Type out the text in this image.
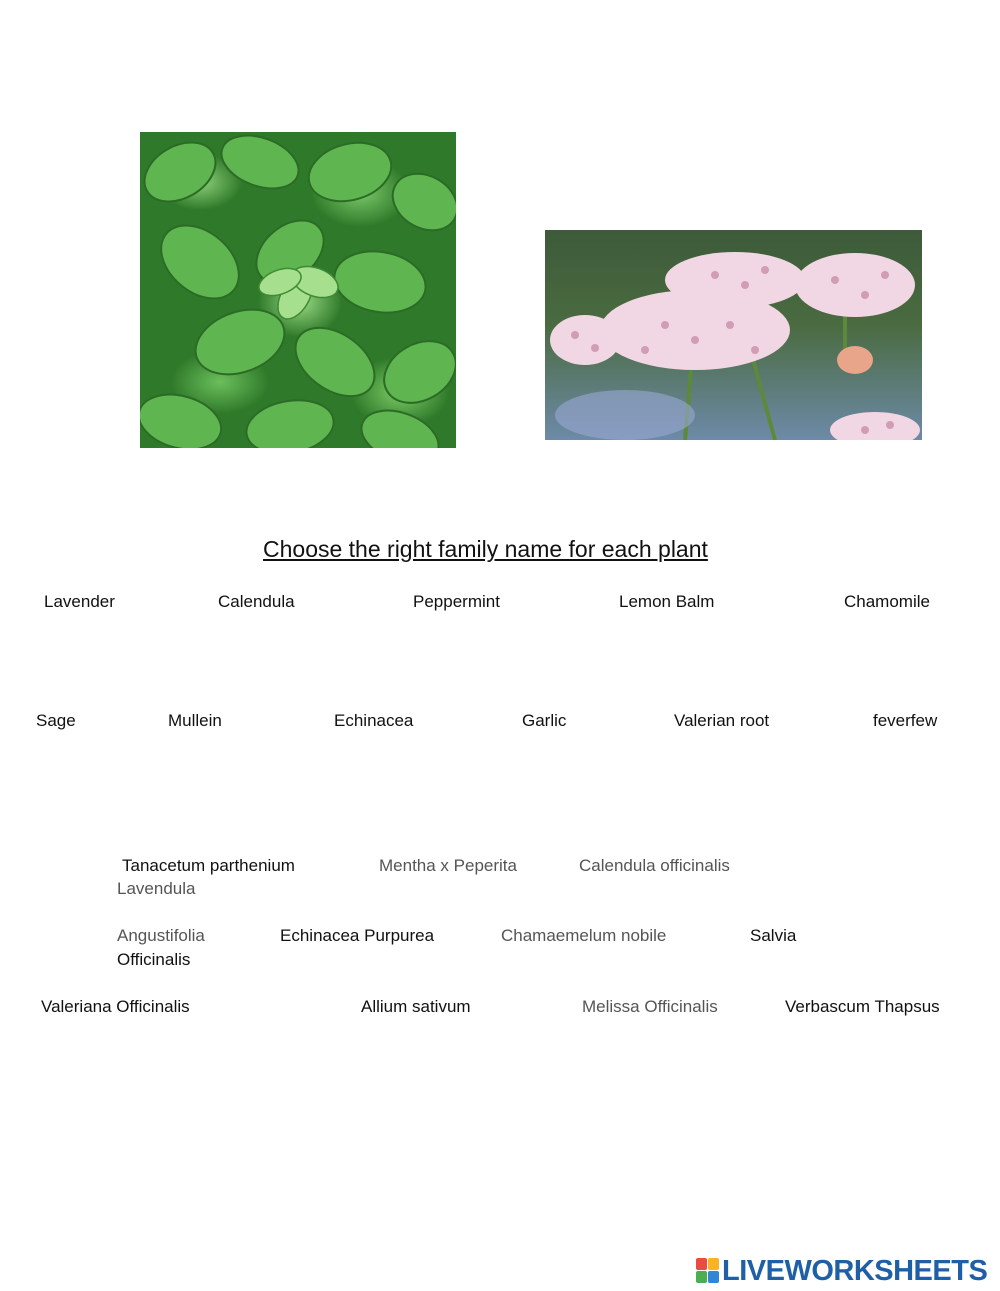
Choose the right family name for each plant
Lavender	Calendula	Peppermint	Lemon Balm	Chamomile
Sage	Mullein	Echinacea	Garlic	Valerian root	feverfew
Tanacetum parthenium	Mentha x Peperita	Calendula officinalis
Lavendula
Angustifolia	Echinacea Purpurea	Chamaemelum nobile	Salvia
Officinalis
Valeriana Officinalis	Allium sativum	Melissa Officinalis	Verbascum Thapsus
LIVEWORKSHEETS
